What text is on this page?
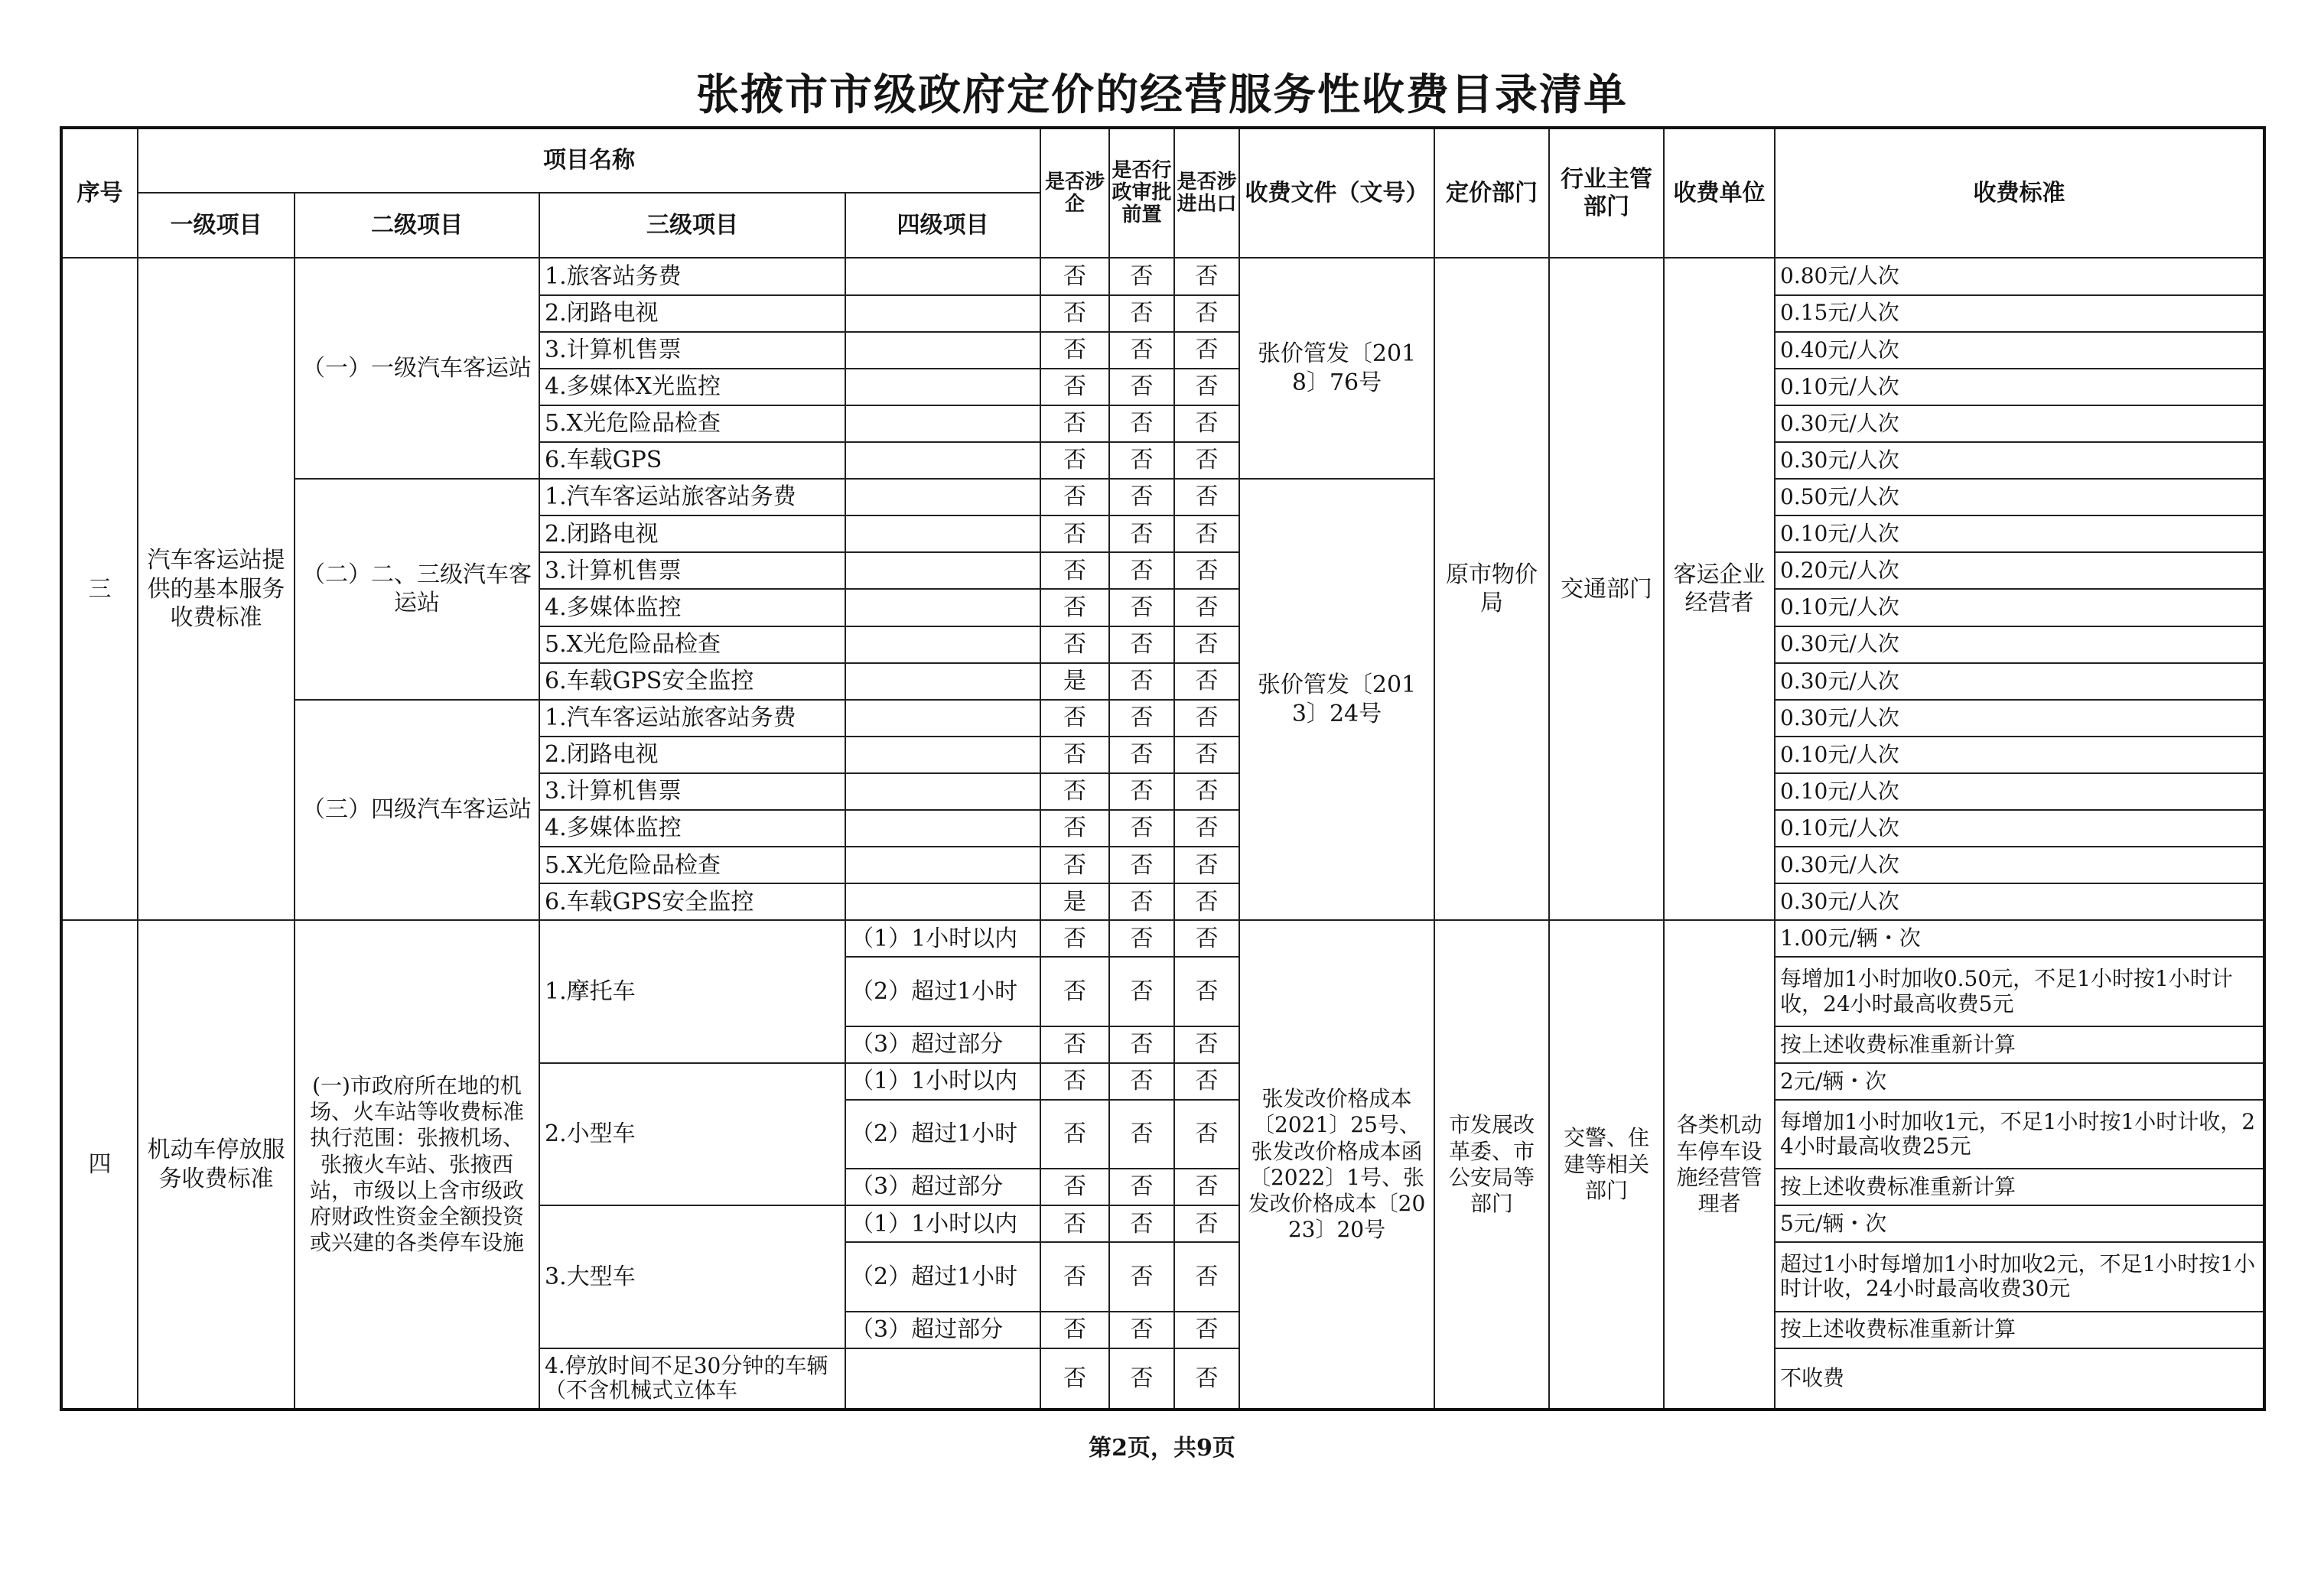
张掖市市级政府定价的经营服务性收费目录清单
序号	项目名称				是否涉企	是否行政审批前置	是否涉进出口	收费文件（文号）	定价部门	行业主管部门	收费单位	收费标准
	一级项目	二级项目	三级项目	四级项目								
三	汽车客运站提供的基本服务收费标准	（一）一级汽车客运站	1.旅客站务费		否	否	否	张价管发〔2018〕76号	原市物价局	交通部门	客运企业经营者	0.80元/人次
			2.闭路电视		否	否	否					0.15元/人次
			3.计算机售票		否	否	否					0.40元/人次
			4.多媒体X光监控		否	否	否					0.10元/人次
			5.X光危险品检查		否	否	否					0.30元/人次
			6.车载GPS		否	否	否					0.30元/人次
		（二）二、三级汽车客运站	1.汽车客运站旅客站务费		否	否	否	张价管发〔2013〕24号				0.50元/人次
			2.闭路电视		否	否	否					0.10元/人次
			3.计算机售票		否	否	否					0.20元/人次
			4.多媒体监控		否	否	否					0.10元/人次
			5.X光危险品检查		否	否	否					0.30元/人次
			6.车载GPS安全监控		是	否	否					0.30元/人次
		（三）四级汽车客运站	1.汽车客运站旅客站务费		否	否	否					0.30元/人次
			2.闭路电视		否	否	否					0.10元/人次
			3.计算机售票		否	否	否					0.10元/人次
			4.多媒体监控		否	否	否					0.10元/人次
			5.X光危险品检查		否	否	否					0.30元/人次
			6.车载GPS安全监控		是	否	否					0.30元/人次
四	机动车停放服务收费标准	(一)市政府所在地的机场、火车站等收费标准执行范围：张掖机场、张掖火车站、张掖西站，市级以上含市级政府财政性资金全额投资或兴建的各类停车设施	1.摩托车	（1）1小时以内	否	否	否	张发改价格成本〔2021〕25号、张发改价格成本函〔2022〕1号、张发改价格成本〔2023〕20号	市发展改革委、市公安局等部门	交警、住建等相关部门	各类机动车停车设施经营管理者	1.00元/辆・次
				（2）超过1小时	否	否	否					每增加1小时加收0.50元，不足1小时按1小时计收，24小时最高收费5元
				（3）超过部分	否	否	否					按上述收费标准重新计算
			2.小型车	（1）1小时以内	否	否	否					2元/辆・次
				（2）超过1小时	否	否	否					每增加1小时加收1元，不足1小时按1小时计收，24小时最高收费25元
				（3）超过部分	否	否	否					按上述收费标准重新计算
			3.大型车	（1）1小时以内	否	否	否					5元/辆・次
				（2）超过1小时	否	否	否					超过1小时每增加1小时加收2元，不足1小时按1小时计收，24小时最高收费30元
				（3）超过部分	否	否	否					按上述收费标准重新计算
			4.停放时间不足30分钟的车辆（不含机械式立体车		否	否	否					不收费
第2页，共9页
